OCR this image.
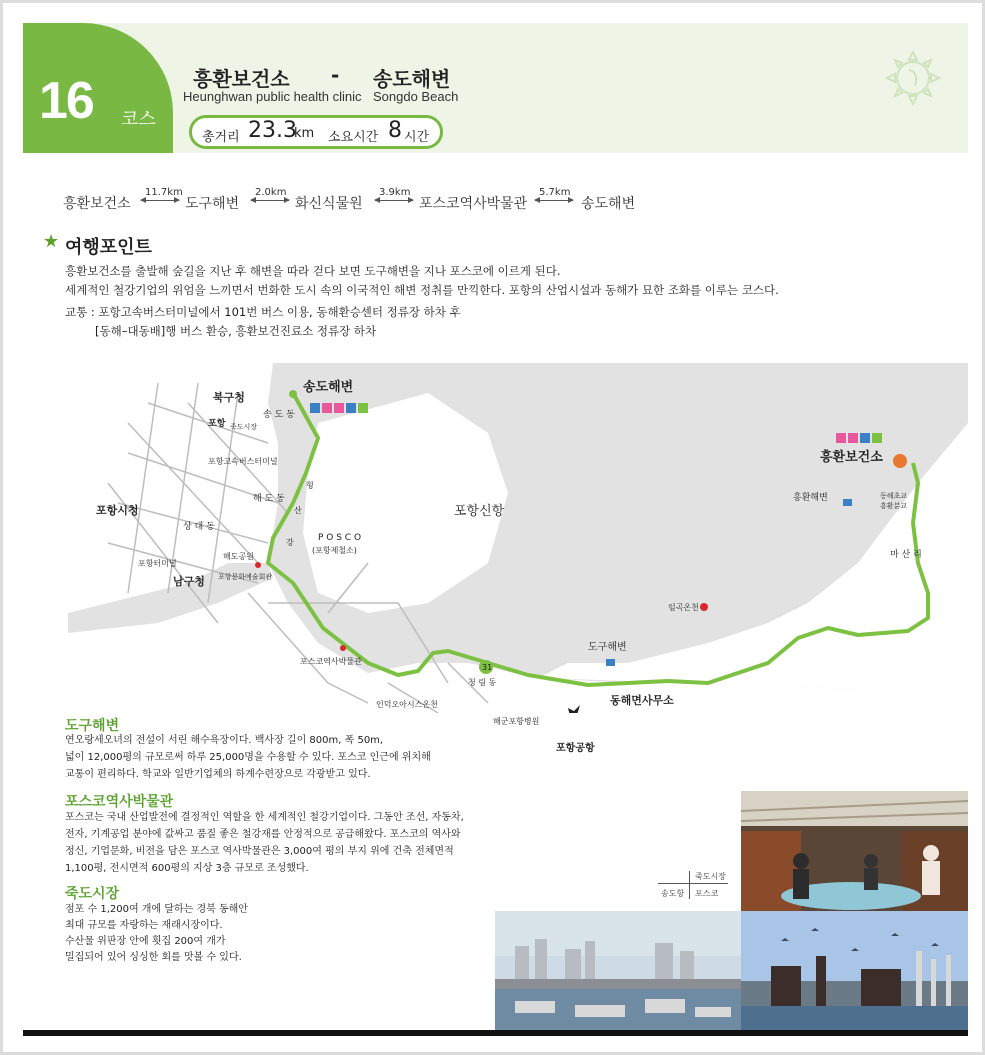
16 코스
흥환보건소 - 송도해변
Heunghwan public health clinic Songdo Beach
총거리 23.3
km 소요시간 8 시간
흥환보건소
11.7km
도구해변
2.0km
화신식물원
3.9km
포스코역사박물관
5.7km
송도해변
★ 여행포인트
흥환보건소를 출발해 숲길을 지난 후 해변을 따라 걷다 보면 도구해변을 지나 포스코에 이르게 된다.
세계적인 철강기업의 위엄을 느끼면서 번화한 도시 속의 이국적인 해변 정취를 만끽한다. 포항의 산업시설과 동해가 묘한 조화를 이루는 코스다.
교통 : 포항고속버스터미널에서 101번 버스 이용, 동해환승센터 정류장 하차 후
[동해–대동배]행 버스 환승, 흥환보건진료소 정류장 하차
송도해변
흥환보건소
북구청
포항
송 도 동
죽도시장
포항고속버스터미널
해 도 동
포항시청
상 대 동
포항터미널
남구청
해도공원
포항문화예술회관
P O S C O
(포항제철소)
포항신항
형
산
강
흥환해변	동해초교
흥환분교
마 산 리
임곡온천
도구해변
포스코역사박물관
청 림 동
31
인덕오아시스온천	동해면사무소
해군포항병원
포항공항
도구해변
연오랑세오녀의 전설이 서린 해수욕장이다. 백사장 길이 800m, 폭 50m,
넓이 12,000평의 규모로써 하루 25,000명을 수용할 수 있다. 포스코 인근에 위치해
교통이 편리하다. 학교와 일반기업체의 하계수련장으로 각광받고 있다.
포스코역사박물관
포스코는 국내 산업발전에 결정적인 역할을 한 세계적인 철강기업이다. 그동안 조선, 자동차,
전자, 기계공업 분야에 값싸고 품질 좋은 철강재를 안정적으로 공급해왔다. 포스코의 역사와
정신, 기업문화, 비전을 담은 포스코 역사박물관은 3,000여 평의 부지 위에 건축 전체면적
1,100평, 전시면적 600평의 지상 3층 규모로 조성했다.
죽도시장
점포 수 1,200여 개에 달하는 경북 동해안
최대 규모를 자랑하는 재래시장이다.
수산물 위판장 안에 횟집 200여 개가
밀집되어 있어 싱싱한 회를 맛볼 수 있다.
죽도시장
송도항 포스코
